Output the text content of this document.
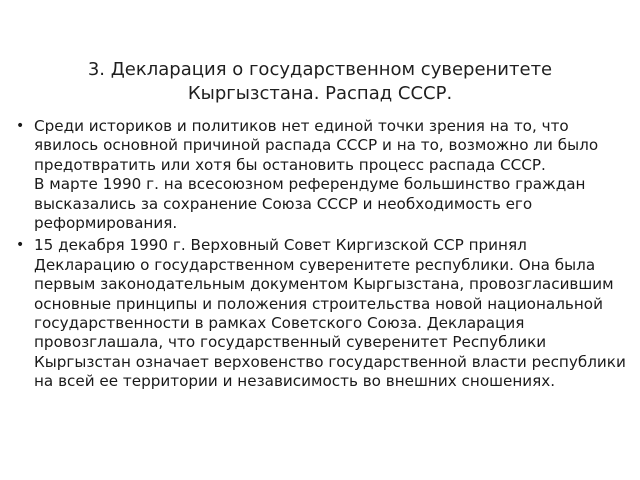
3. Декларация о государственном суверенитете Кыргызстана. Распад СССР.
• Среди историков и политиков нет единой точки зрения на то, что явилось основной причиной распада СССР и на то, возможно ли было предотвратить или хотя бы остановить процесс распада СССР.
В марте 1990 г. на всесоюзном референдуме большинство граждан высказались за сохранение Союза СССР и необходимость его реформирования.
• 15 декабря 1990 г. Верховный Совет Киргизской ССР принял Декларацию о государственном суверенитете республики. Она была первым законодательным документом Кыргызстана, провозгласившим основные принципы и положения строительства новой национальной государственности в рамках Советского Союза. Декларация провозглашала, что государственный суверенитет Республики Кыргызстан означает верховенство государственной власти республики на всей ее территории и независимость во внешних сношениях.
